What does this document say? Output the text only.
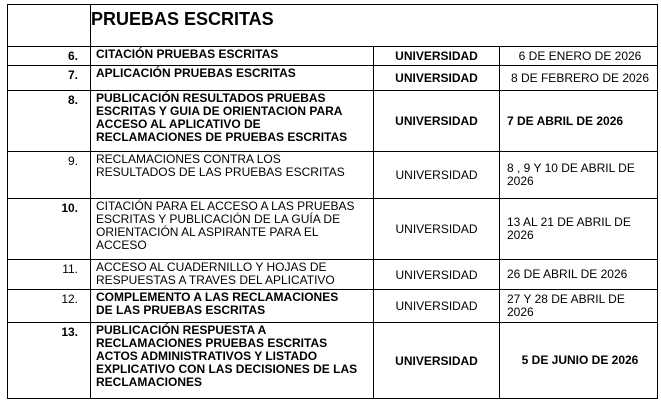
	PRUEBAS ESCRITAS		
6.	CITACIÓN PRUEBAS ESCRITAS	UNIVERSIDAD	6 DE ENERO DE 2026
7.	APLICACIÓN PRUEBAS ESCRITAS	UNIVERSIDAD	8 DE FEBRERO DE 2026
8.	PUBLICACIÓN RESULTADOS PRUEBAS
ESCRITAS Y GUIA DE ORIENTACION PARA
ACCESO AL APLICATIVO DE
RECLAMACIONES DE PRUEBAS ESCRITAS	UNIVERSIDAD	7 DE ABRIL DE 2026
9.	RECLAMACIONES CONTRA LOS
RESULTADOS DE LAS PRUEBAS ESCRITAS	UNIVERSIDAD	8 , 9 Y 10 DE ABRIL DE 2026
10.	CITACIÓN PARA EL ACCESO A LAS PRUEBAS
ESCRITAS Y PUBLICACIÓN DE LA GUÍA DE
ORIENTACIÓN AL ASPIRANTE PARA EL
ACCESO	UNIVERSIDAD	13 AL 21 DE ABRIL DE 2026
11.	ACCESO AL CUADERNILLO Y HOJAS DE
RESPUESTAS A TRAVES DEL APLICATIVO	UNIVERSIDAD	26 DE ABRIL DE 2026
12.	COMPLEMENTO A LAS RECLAMACIONES
DE LAS PRUEBAS ESCRITAS	UNIVERSIDAD	27 Y 28 DE ABRIL DE 2026
13.	PUBLICACIÓN RESPUESTA A
RECLAMACIONES PRUEBAS ESCRITAS
ACTOS ADMINISTRATIVOS Y LISTADO
EXPLICATIVO CON LAS DECISIONES DE LAS
RECLAMACIONES	UNIVERSIDAD	5 DE JUNIO DE 2026
